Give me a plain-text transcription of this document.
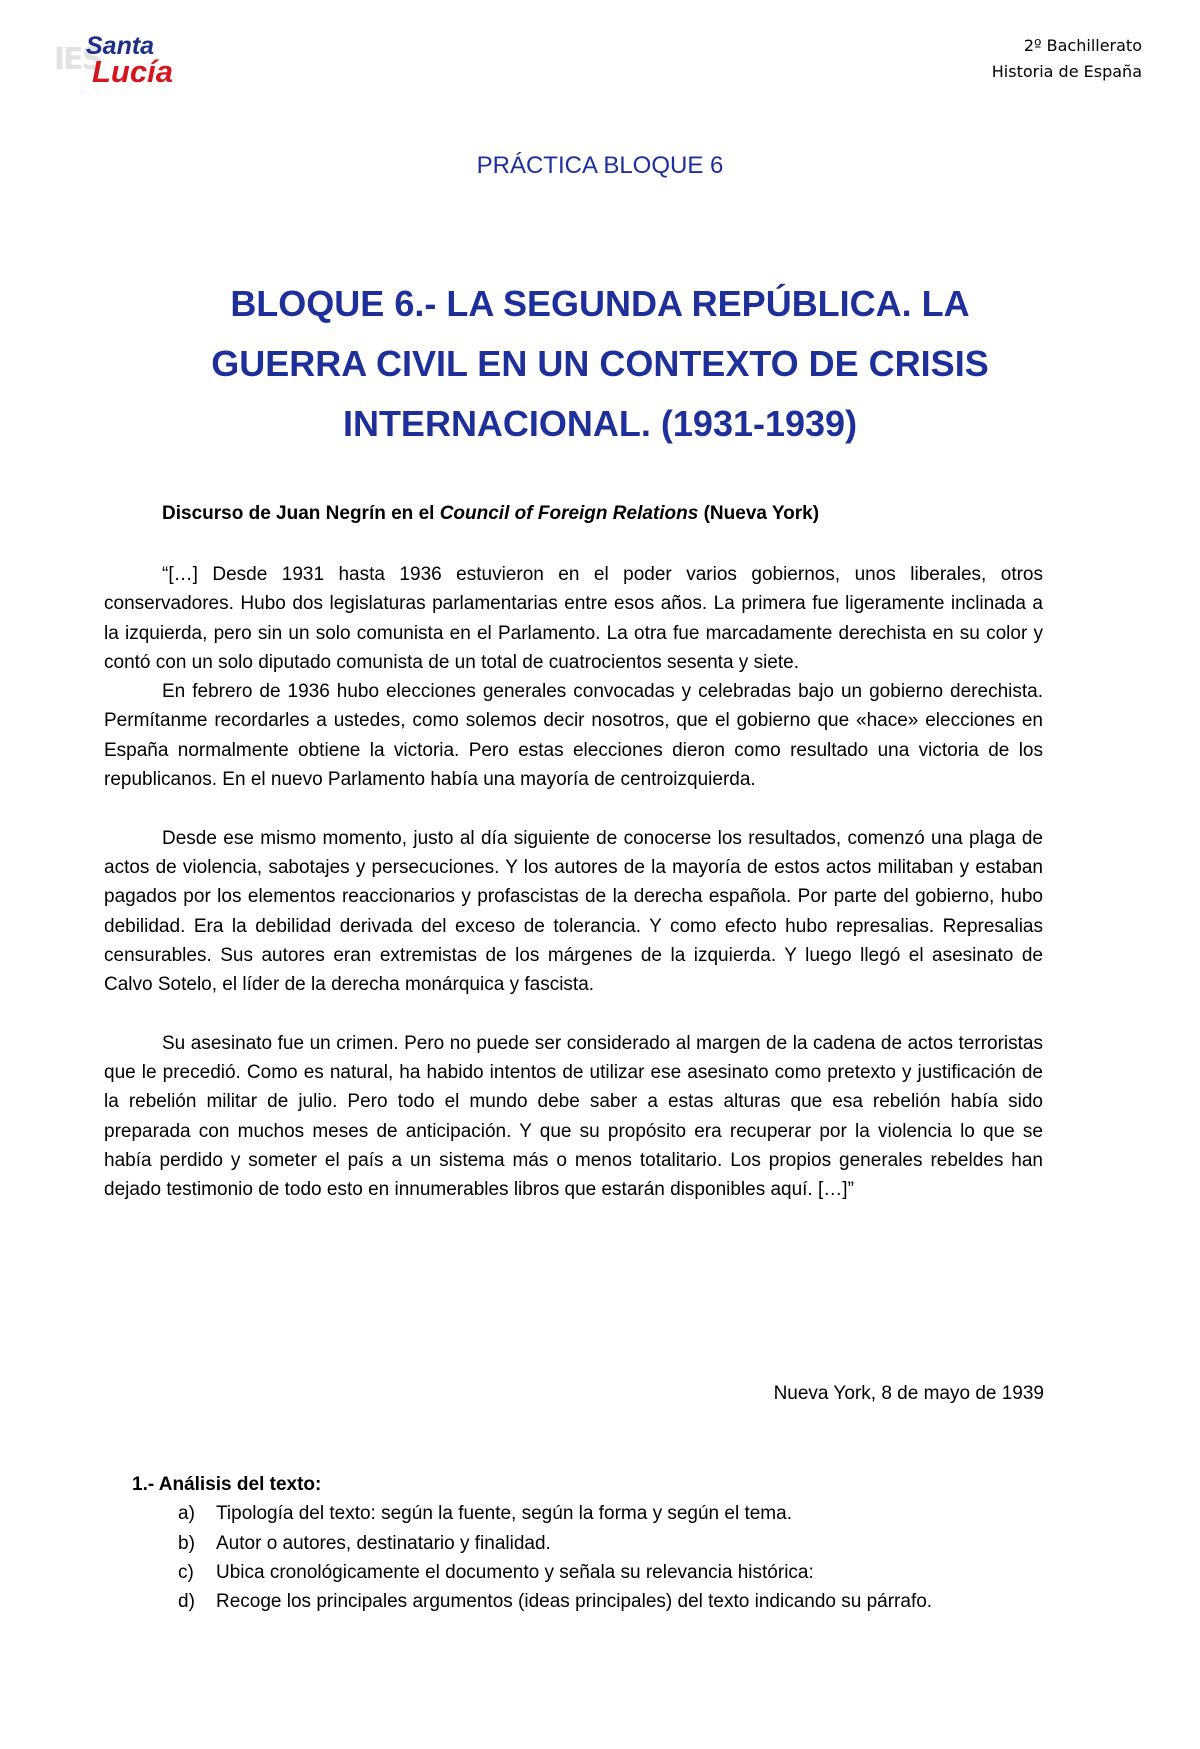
IES
Santa
Lucía
2º Bachillerato
Historia de España
PRÁCTICA BLOQUE 6
BLOQUE 6.- LA SEGUNDA REPÚBLICA. LA
GUERRA CIVIL EN UN CONTEXTO DE CRISIS
INTERNACIONAL. (1931-1939)
Discurso de Juan Negrín en el Council of Foreign Relations (Nueva York)

“[…] Desde 1931 hasta 1936 estuvieron en el poder varios gobiernos, unos liberales, otros conservadores. Hubo dos legislaturas parlamentarias entre esos años. La primera fue ligeramente inclinada a la izquierda, pero sin un solo comunista en el Parlamento. La otra fue marcadamente derechista en su color y contó con un solo diputado comunista de un total de cuatrocientos sesenta y siete.

En febrero de 1936 hubo elecciones generales convocadas y celebradas bajo un gobierno derechista. Permítanme recordarles a ustedes, como solemos decir nosotros, que el gobierno que «hace» elecciones en España normalmente obtiene la victoria. Pero estas elecciones dieron como resultado una victoria de los republicanos. En el nuevo Parlamento había una mayoría de centroizquierda.

Desde ese mismo momento, justo al día siguiente de conocerse los resultados, comenzó una plaga de actos de violencia, sabotajes y persecuciones. Y los autores de la mayoría de estos actos militaban y estaban pagados por los elementos reaccionarios y profascistas de la derecha española. Por parte del gobierno, hubo debilidad. Era la debilidad derivada del exceso de tolerancia. Y como efecto hubo represalias. Represalias censurables. Sus autores eran extremistas de los márgenes de la izquierda. Y luego llegó el asesinato de Calvo Sotelo, el líder de la derecha monárquica y fascista.

Su asesinato fue un crimen. Pero no puede ser considerado al margen de la cadena de actos terroristas que le precedió. Como es natural, ha habido intentos de utilizar ese asesinato como pretexto y justificación de la rebelión militar de julio. Pero todo el mundo debe saber a estas alturas que esa rebelión había sido preparada con muchos meses de anticipación. Y que su propósito era recuperar por la violencia lo que se había perdido y someter el país a un sistema más o menos totalitario. Los propios generales rebeldes han dejado testimonio de todo esto en innumerables libros que estarán disponibles aquí. […]”

Nueva York, 8 de mayo de 1939
1.- Análisis del texto:
a) Tipología del texto: según la fuente, según la forma y según el tema.
b) Autor o autores, destinatario y finalidad.
c) Ubica cronológicamente el documento y señala su relevancia histórica:
d) Recoge los principales argumentos (ideas principales) del texto indicando su párrafo.
